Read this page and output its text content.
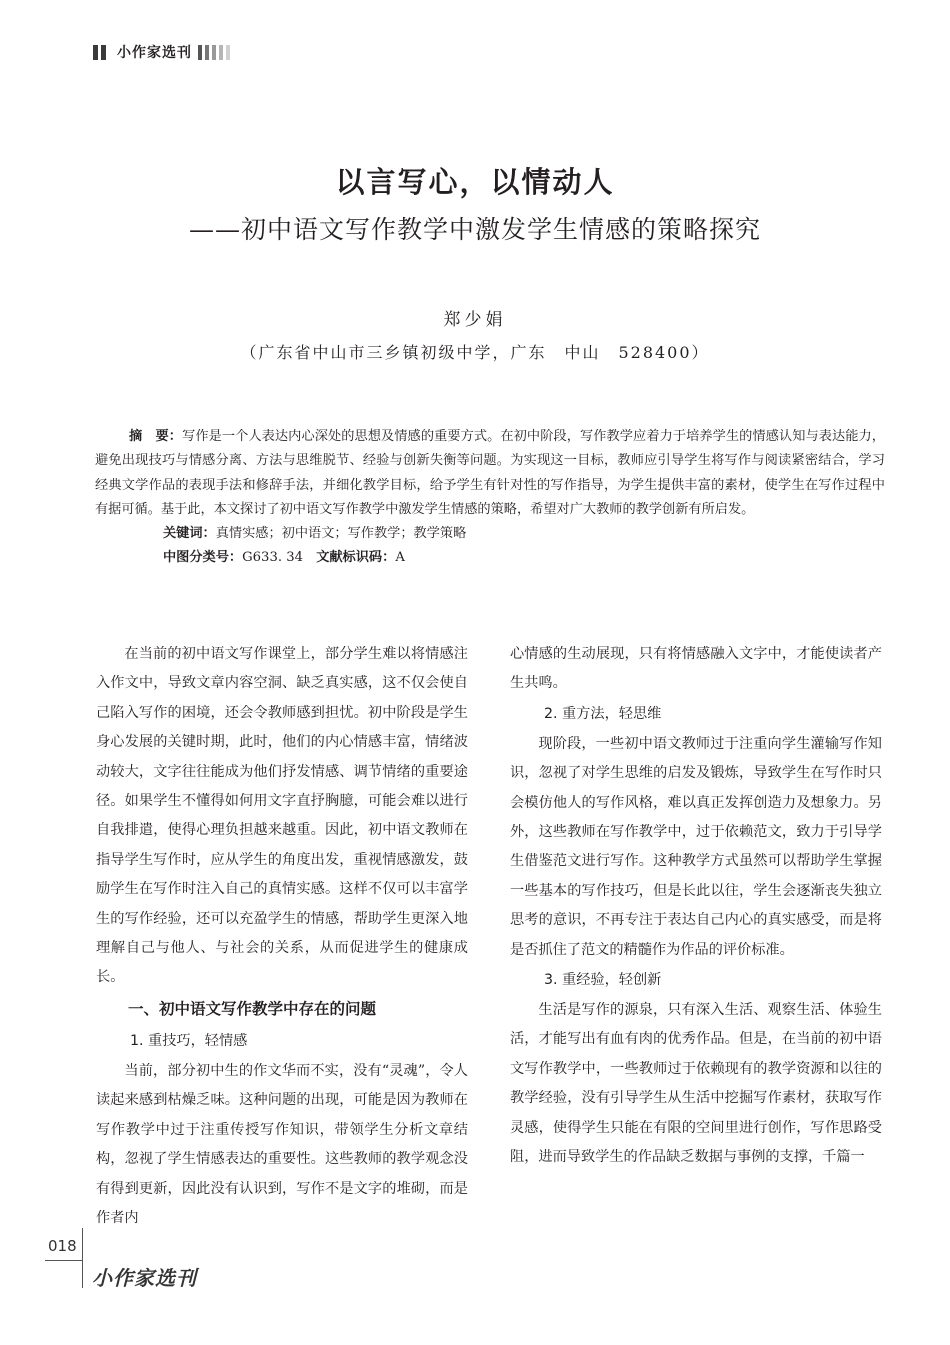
小作家选刊
以言写心，以情动人
——初中语文写作教学中激发学生情感的策略探究
郑少娟
（广东省中山市三乡镇初级中学，广东　中山　528400）

摘　要：写作是一个人表达内心深处的思想及情感的重要方式。在初中阶段，写作教学应着力于培养学生的情感认知与表达能力，避免出现技巧与情感分离、方法与思维脱节、经验与创新失衡等问题。为实现这一目标，教师应引导学生将写作与阅读紧密结合，学习经典文学作品的表现手法和修辞手法，并细化教学目标，给予学生有针对性的写作指导，为学生提供丰富的素材，使学生在写作过程中有据可循。基于此，本文探讨了初中语文写作教学中激发学生情感的策略，希望对广大教师的教学创新有所启发。

关键词：真情实感；初中语文；写作教学；教学策略

中图分类号：G633. 34　 文献标识码：A

在当前的初中语文写作课堂上，部分学生难以将情感注入作文中，导致文章内容空洞、缺乏真实感，这不仅会使自己陷入写作的困境，还会令教师感到担忧。初中阶段是学生身心发展的关键时期，此时，他们的内心情感丰富，情绪波动较大，文字往往能成为他们抒发情感、调节情绪的重要途径。如果学生不懂得如何用文字直抒胸臆，可能会难以进行自我排遣，使得心理负担越来越重。因此，初中语文教师在指导学生写作时，应从学生的角度出发，重视情感激发，鼓励学生在写作时注入自己的真情实感。这样不仅可以丰富学生的写作经验，还可以充盈学生的情感，帮助学生更深入地理解自己与他人、与社会的关系，从而促进学生的健康成长。

一、初中语文写作教学中存在的问题
1. 重技巧，轻情感

当前，部分初中生的作文华而不实，没有“灵魂”，令人读起来感到枯燥乏味。这种问题的出现，可能是因为教师在写作教学中过于注重传授写作知识，带领学生分析文章结构，忽视了学生情感表达的重要性。这些教师的教学观念没有得到更新，因此没有认识到，写作不是文字的堆砌，而是作者内

心情感的生动展现，只有将情感融入文字中，才能使读者产生共鸣。

2. 重方法，轻思维

现阶段，一些初中语文教师过于注重向学生灌输写作知识，忽视了对学生思维的启发及锻炼，导致学生在写作时只会模仿他人的写作风格，难以真正发挥创造力及想象力。另外，这些教师在写作教学中，过于依赖范文，致力于引导学生借鉴范文进行写作。这种教学方式虽然可以帮助学生掌握一些基本的写作技巧，但是长此以往，学生会逐渐丧失独立思考的意识，不再专注于表达自己内心的真实感受，而是将是否抓住了范文的精髓作为作品的评价标准。

3. 重经验，轻创新

生活是写作的源泉，只有深入生活、观察生活、体验生活，才能写出有血有肉的优秀作品。但是，在当前的初中语文写作教学中，一些教师过于依赖现有的教学资源和以往的教学经验，没有引导学生从生活中挖掘写作素材，获取写作灵感，使得学生只能在有限的空间里进行创作，写作思路受阻，进而导致学生的作品缺乏数据与事例的支撑，千篇一

018
小作家选刊
